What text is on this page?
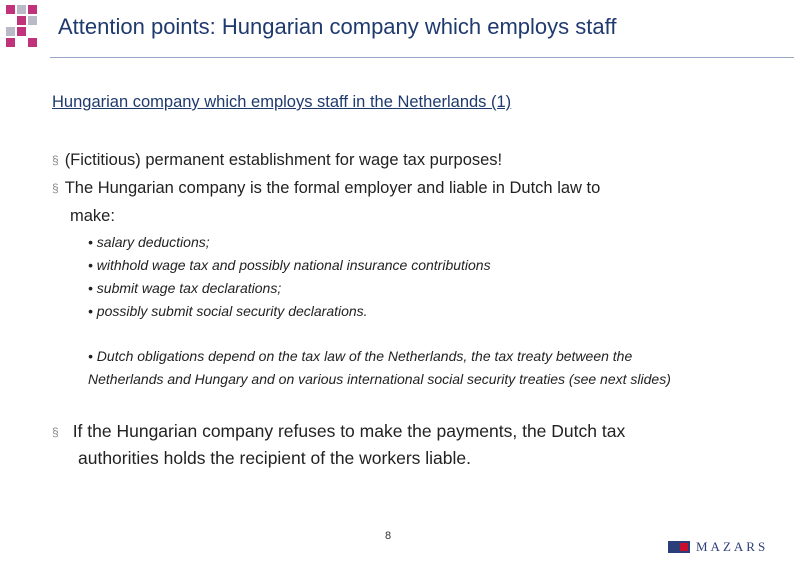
Attention points: Hungarian company which employs staff
Hungarian company which employs staff in the Netherlands (1)
§ (Fictitious) permanent establishment for wage tax purposes!
§ The Hungarian company is the formal employer and liable in Dutch law to
make:
• salary deductions;
• withhold wage tax and possibly national insurance contributions
• submit wage tax declarations;
• possibly submit social security declarations.
• Dutch obligations depend on the tax law of the Netherlands, the tax treaty between the
Netherlands and Hungary and on various international social security treaties (see next slides)
§ If the Hungarian company refuses to make the payments, the Dutch tax
authorities holds the recipient of the workers liable.
8
MAZARS
